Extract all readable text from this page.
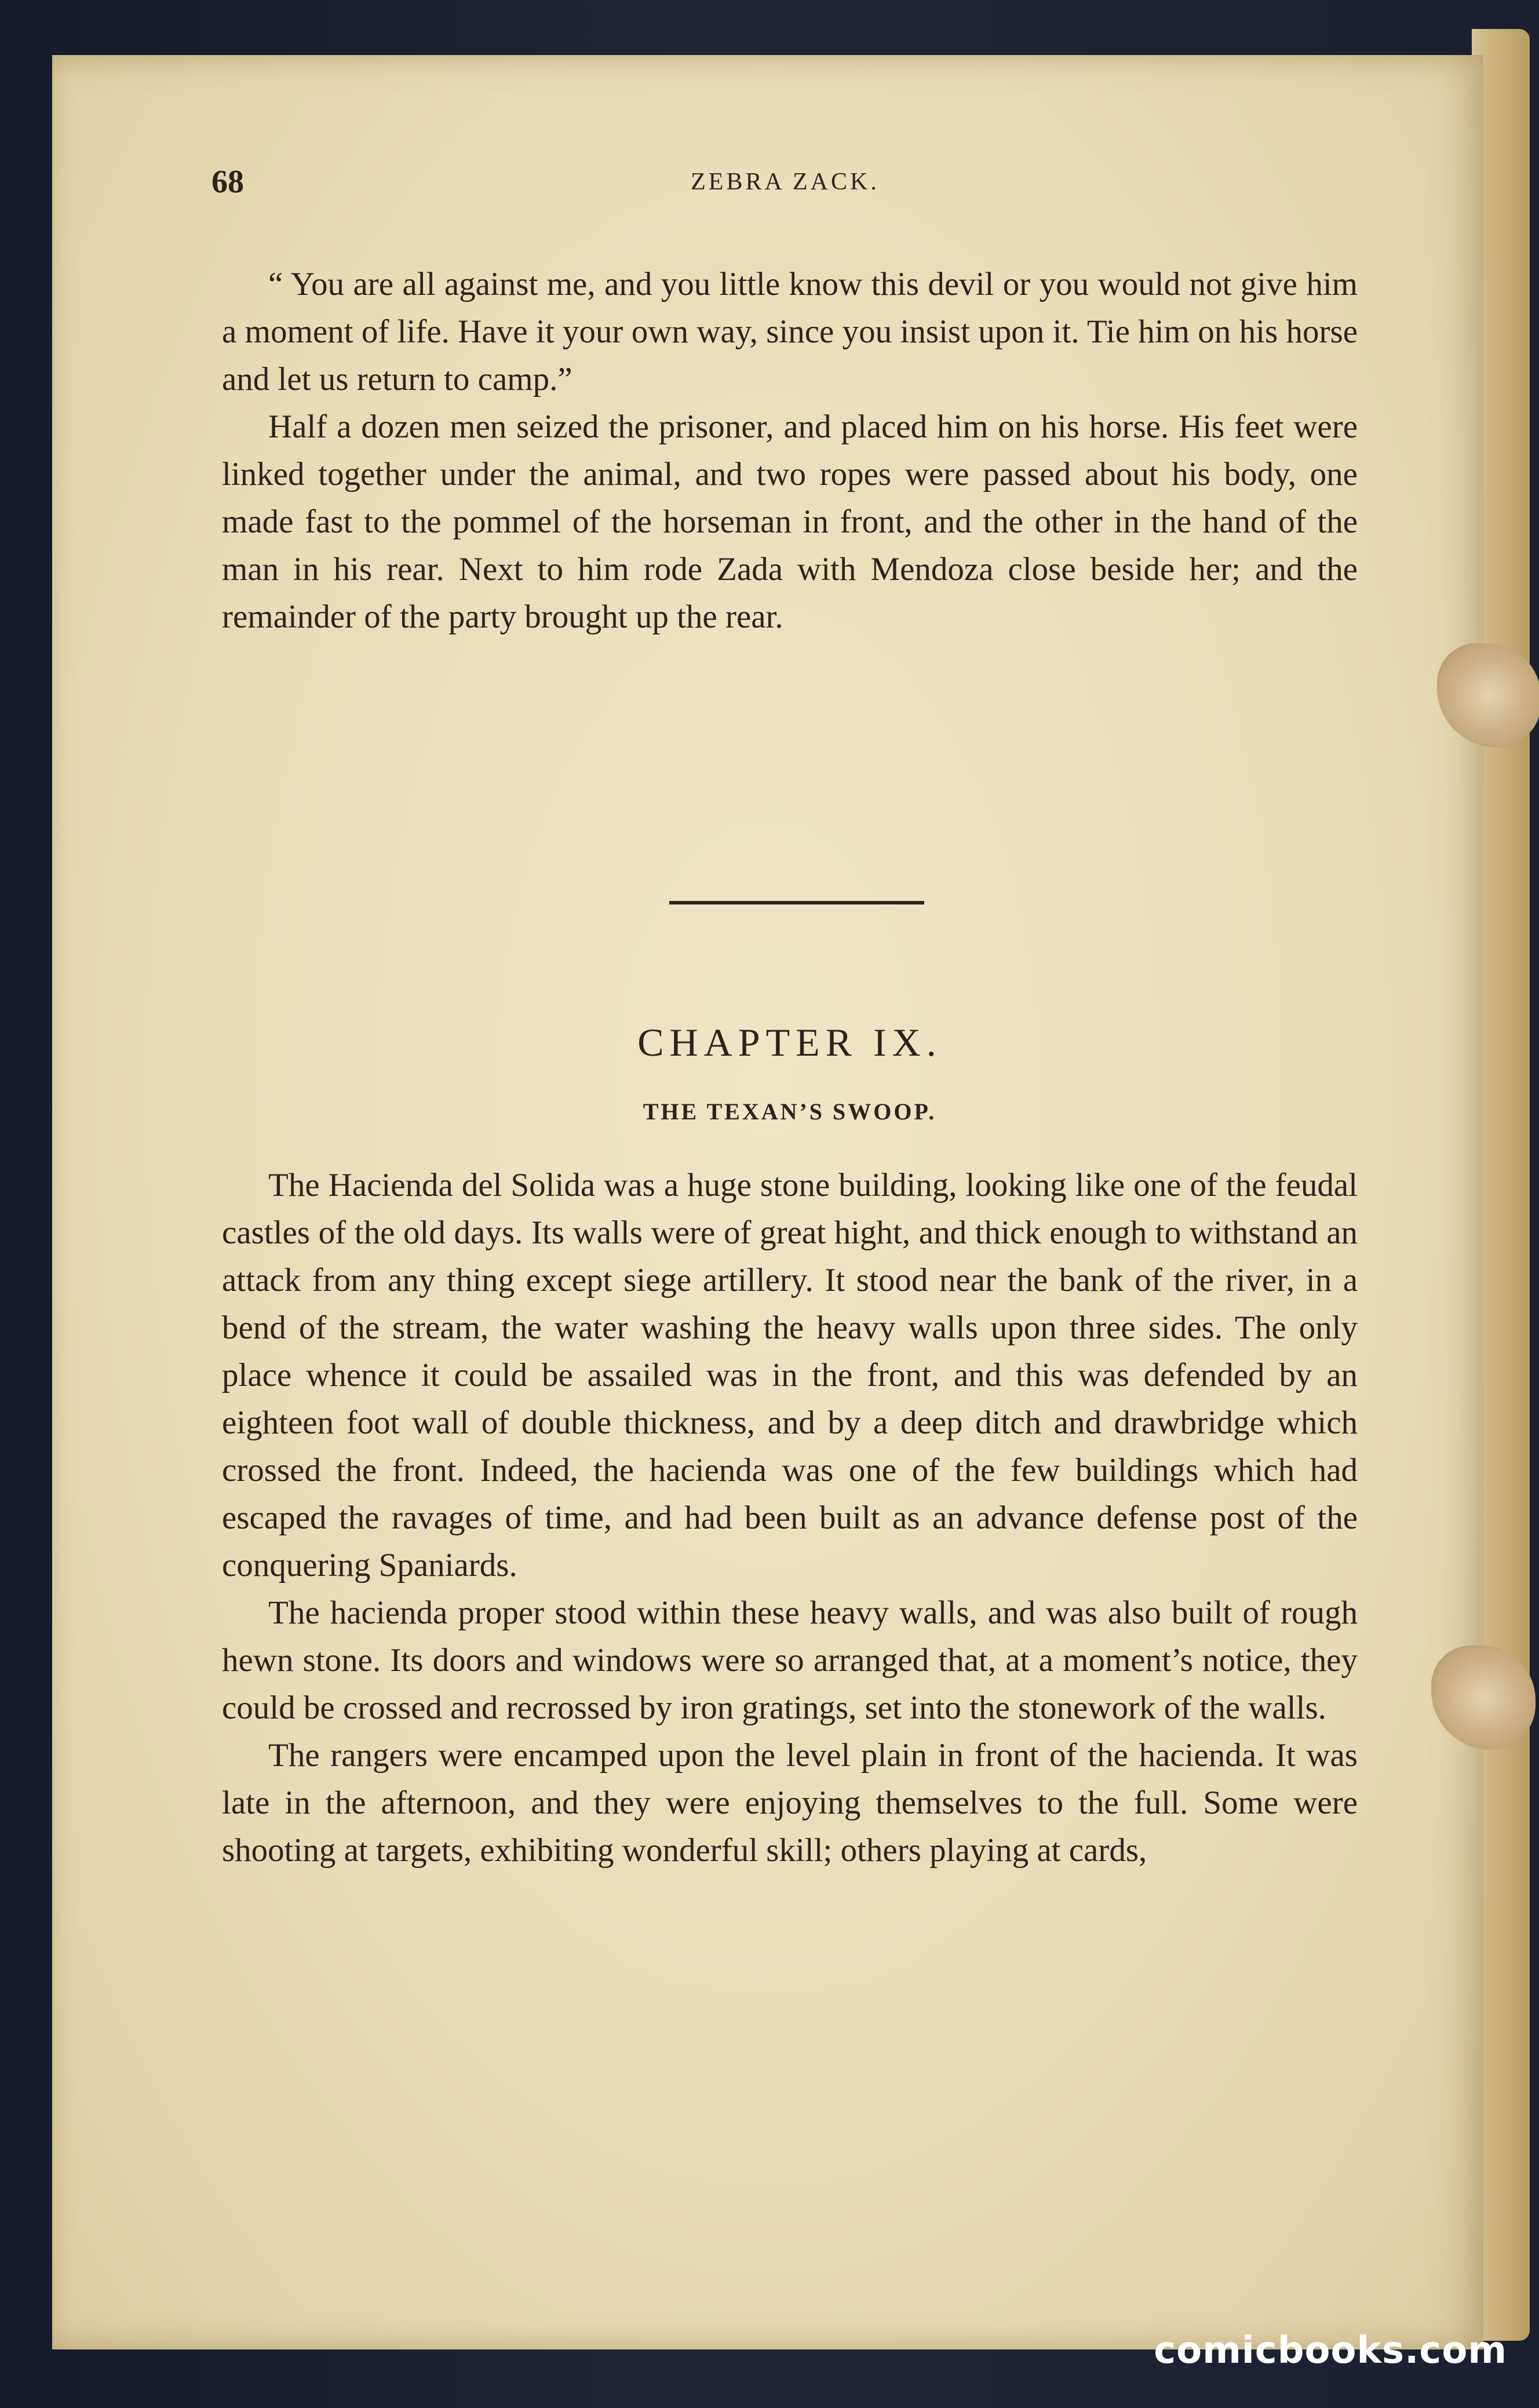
68	ZEBRA ZACK.

“ You are all against me, and you little know this devil or you would not give him a moment of life. Have it your own way, since you insist upon it. Tie him on his horse and let us return to camp.”

Half a dozen men seized the prisoner, and placed him on his horse. His feet were linked together under the animal, and two ropes were passed about his body, one made fast to the pommel of the horseman in front, and the other in the hand of the man in his rear. Next to him rode Zada with Mendoza close beside her; and the remainder of the party brought up the rear.

CHAPTER IX.
THE TEXAN’S SWOOP.

The Hacienda del Solida was a huge stone building, looking like one of the feudal castles of the old days. Its walls were of great hight, and thick enough to withstand an attack from any thing except siege artillery. It stood near the bank of the river, in a bend of the stream, the water washing the heavy walls upon three sides. The only place whence it could be assailed was in the front, and this was defended by an eighteen foot wall of double thickness, and by a deep ditch and drawbridge which crossed the front. Indeed, the hacienda was one of the few buildings which had escaped the ravages of time, and had been built as an advance defense post of the conquering Spaniards.

The hacienda proper stood within these heavy walls, and was also built of rough hewn stone. Its doors and windows were so arranged that, at a moment’s notice, they could be crossed and recrossed by iron gratings, set into the stonework of the walls.

The rangers were encamped upon the level plain in front of the hacienda. It was late in the afternoon, and they were enjoying themselves to the full. Some were shooting at targets, exhibiting wonderful skill; others playing at cards,

comicbooks.com
